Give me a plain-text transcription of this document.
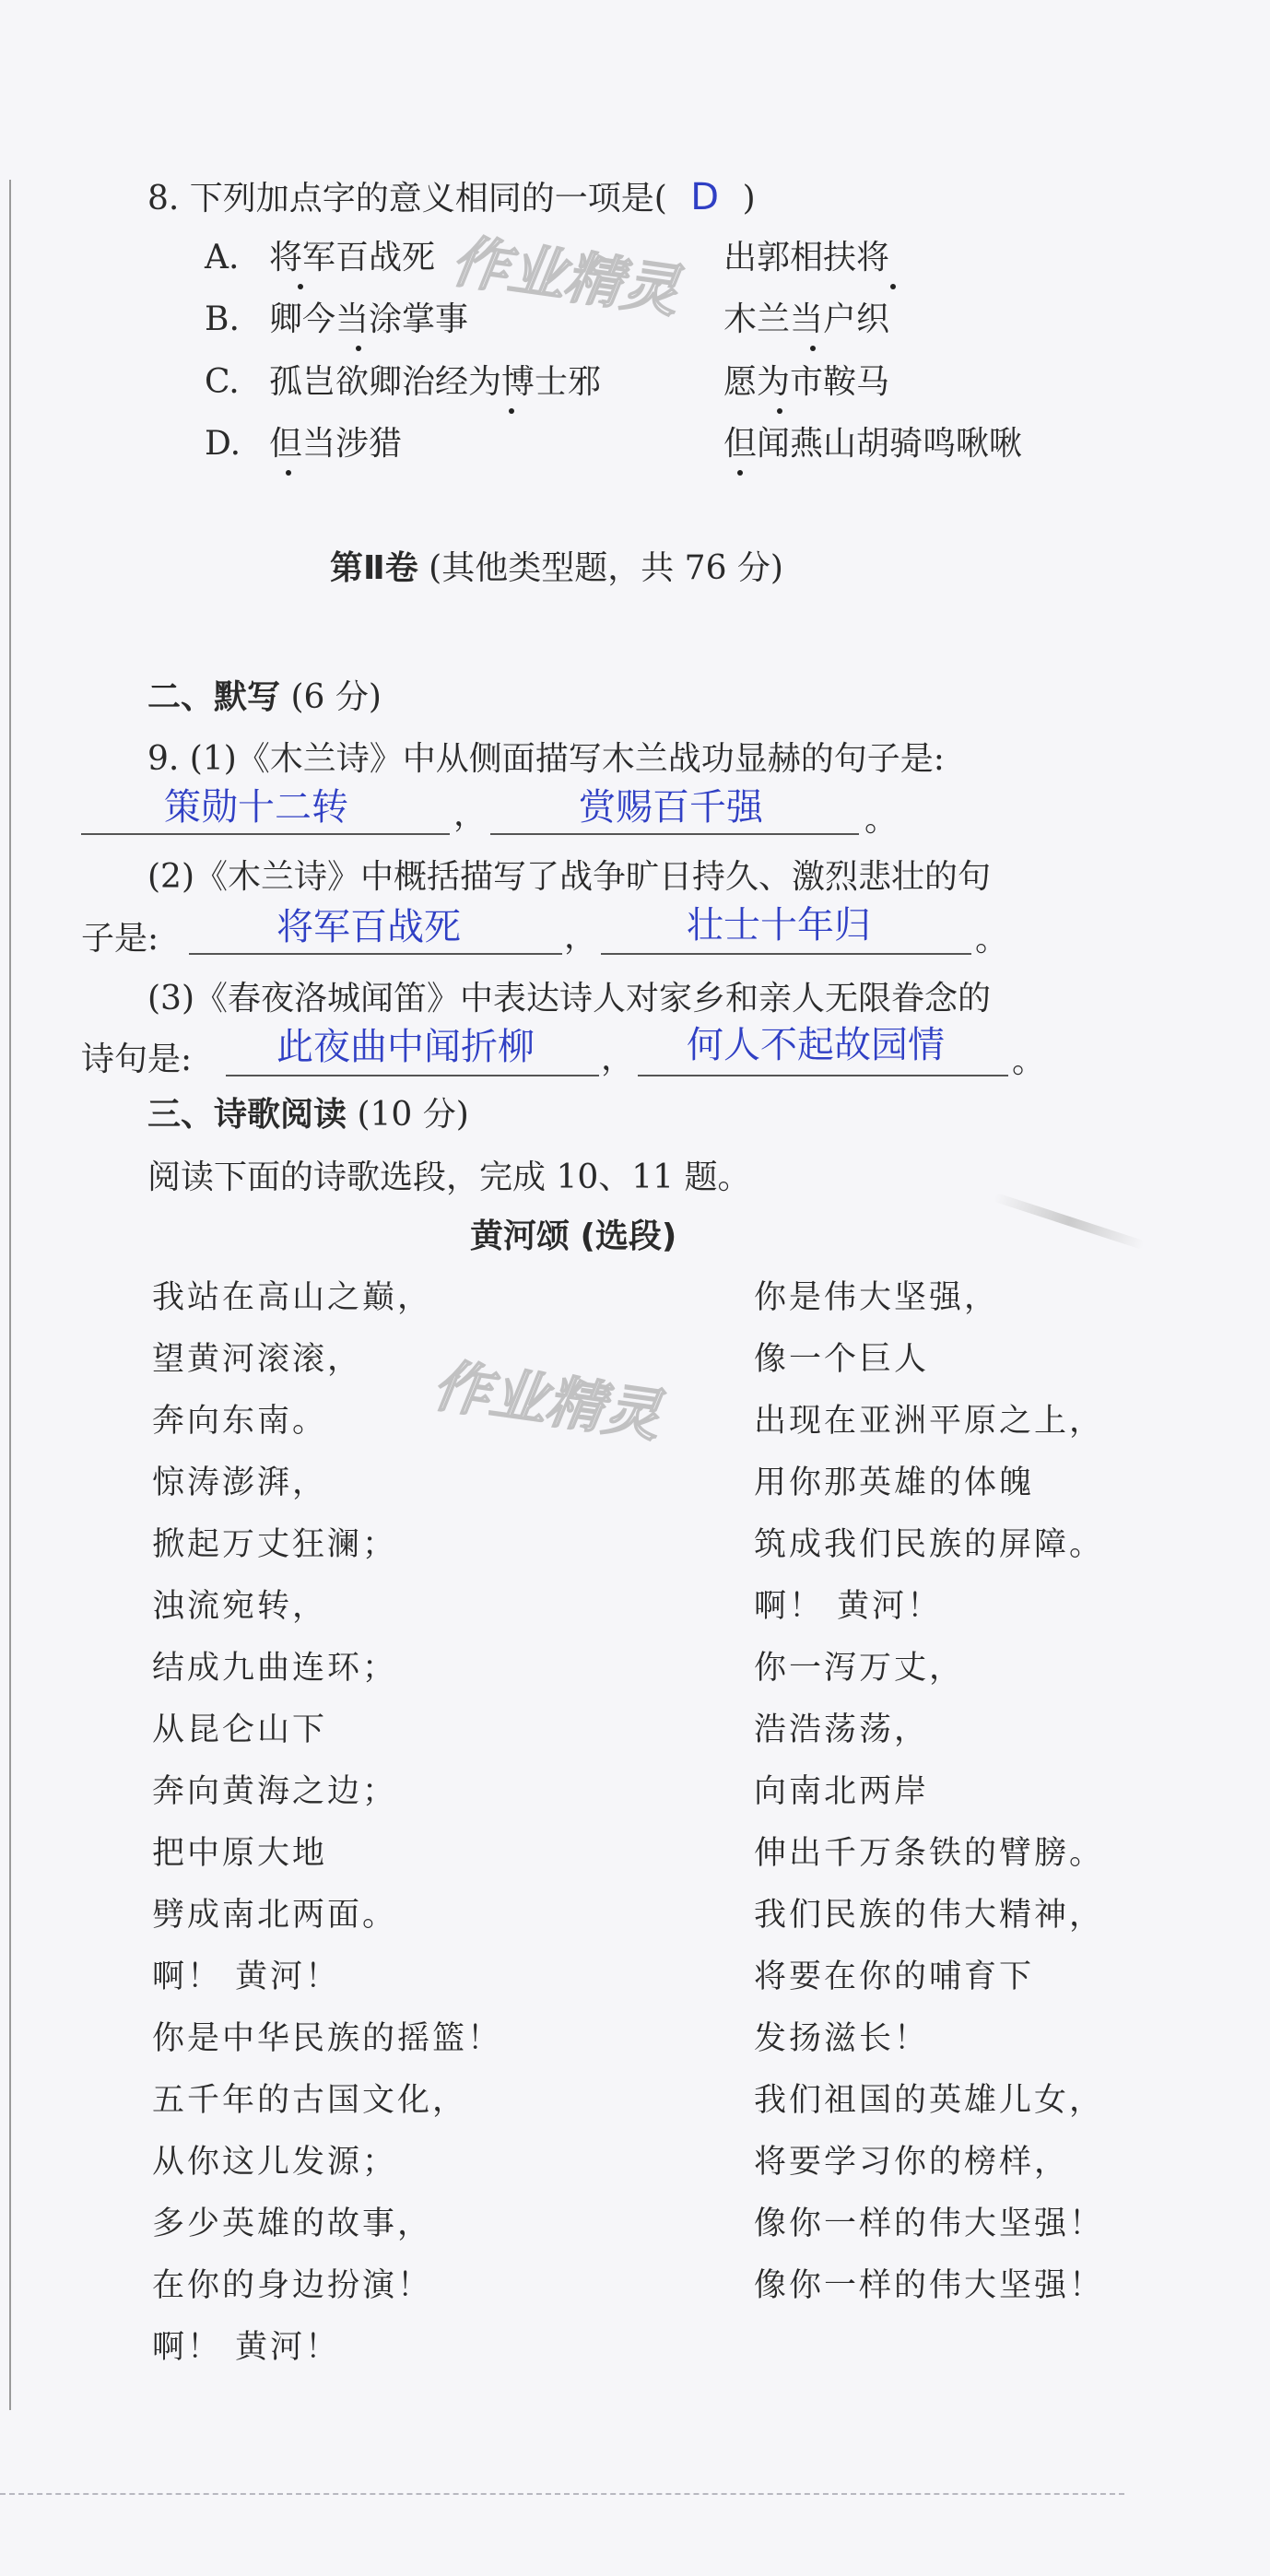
8. 下列加点字的意义相同的一项是( D )
A. 将军百战死	出郭相扶将
B. 卿今当涂掌事	木兰当户织
C. 孤岂欲卿治经为博士邪	愿为市鞍马
D. 但当涉猎	但闻燕山胡骑鸣啾啾
第Ⅱ卷 (其他类型题，共 76 分)
二、默写 (6 分)
9. (1)《木兰诗》中从侧面描写木兰战功显赫的句子是:
策勋十二转	， 赏赐百千强	。
(2)《木兰诗》中概括描写了战争旷日持久、激烈悲壮的句
子是:	将军百战死	， 壮士十年归	。
(3)《春夜洛城闻笛》中表达诗人对家乡和亲人无限眷念的
诗句是: 此夜曲中闻折柳 ， 何人不起故园情 。
三、诗歌阅读 (10 分)
阅读下面的诗歌选段，完成 10、11 题。
黄河颂 (选段)
我站在高山之巅，
望黄河滚滚，
奔向东南。
惊涛澎湃，
掀起万丈狂澜；
浊流宛转，
结成九曲连环；
从昆仑山下
奔向黄海之边；
把中原大地
劈成南北两面。
啊！ 黄河！
你是中华民族的摇篮！
五千年的古国文化，
从你这儿发源；
多少英雄的故事，
在你的身边扮演！
啊！ 黄河！
你是伟大坚强，
像一个巨人
出现在亚洲平原之上，
用你那英雄的体魄
筑成我们民族的屏障。
啊！ 黄河！
你一泻万丈，
浩浩荡荡，
向南北两岸
伸出千万条铁的臂膀。
我们民族的伟大精神，
将要在你的哺育下
发扬滋长！
我们祖国的英雄儿女，
将要学习你的榜样，
像你一样的伟大坚强！
像你一样的伟大坚强！
作业精灵
作业精灵
